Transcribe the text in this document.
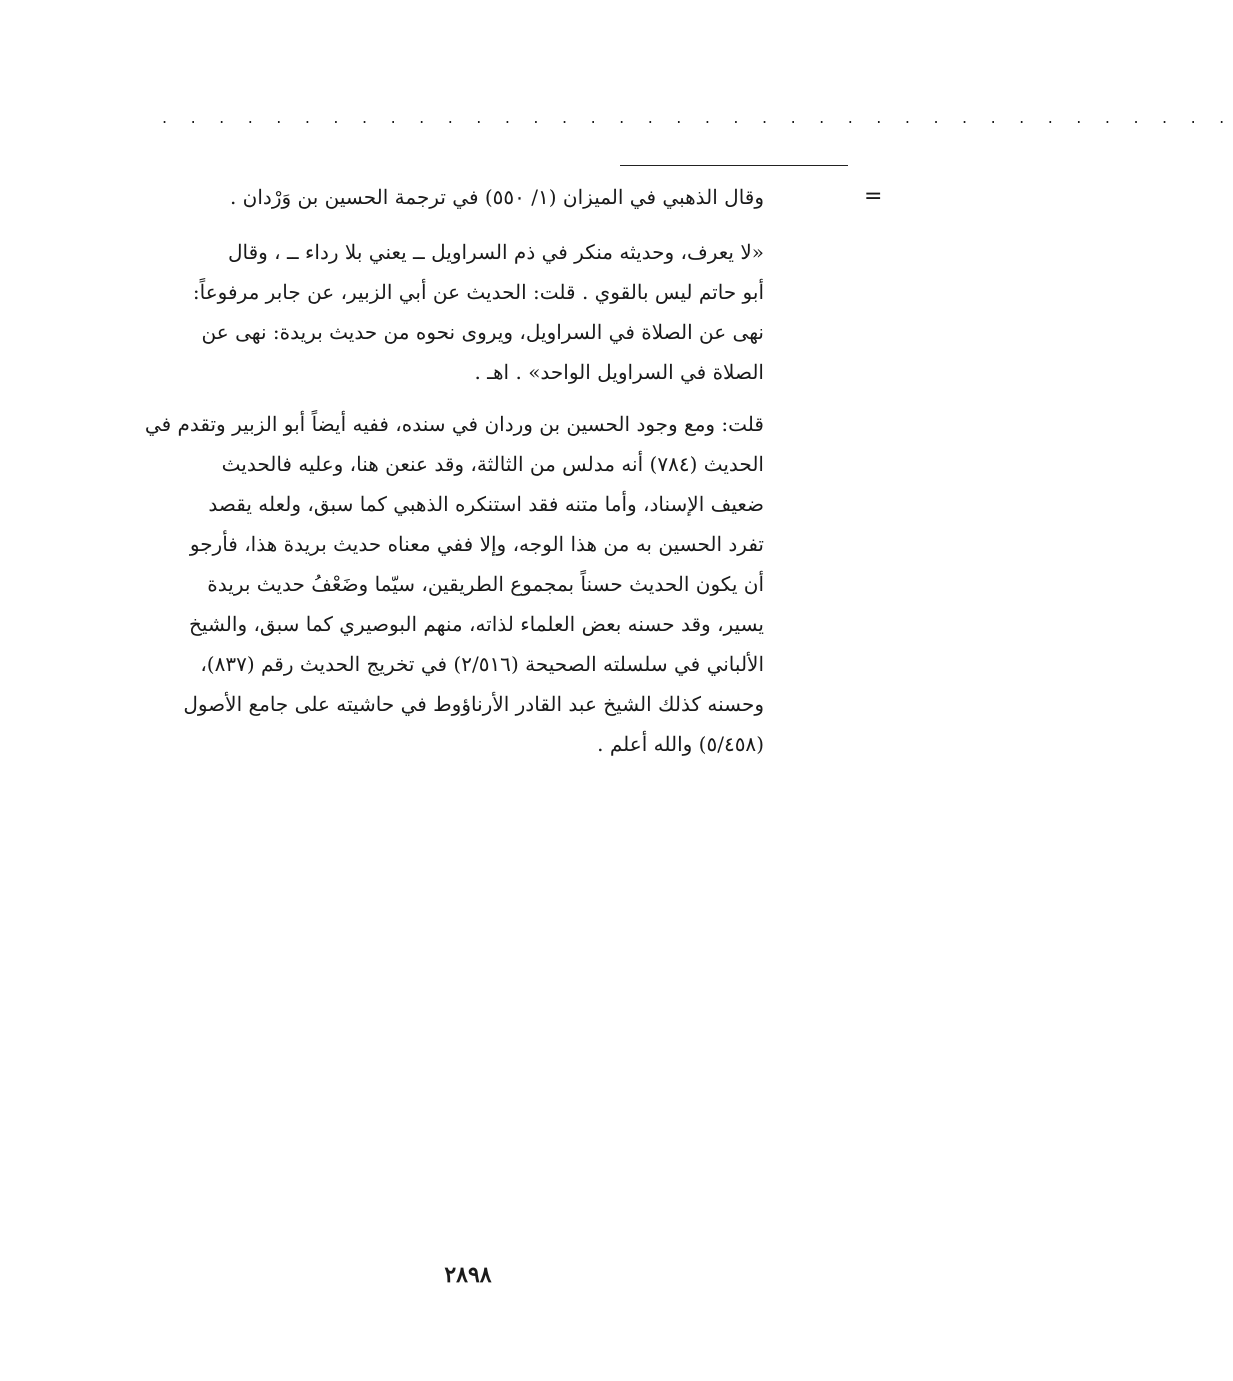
. . . . . . . . . . . . . . . . . . . . . . . . . . . . . . . . . . . . . .
=
وقال الذهبي في الميزان (١/ ٥٥٠) في ترجمة الحسين بن وَرْدان .
«لا يعرف، وحديثه منكر في ذم السراويل ــ يعني بلا رداء ــ ، وقال
أبو حاتم ليس بالقوي . قلت: الحديث عن أبي الزبير، عن جابر مرفوعاً:
نهى عن الصلاة في السراويل، ويروى نحوه من حديث بريدة: نهى عن
الصلاة في السراويل الواحد» . اهـ .
قلت: ومع وجود الحسين بن وردان في سنده، ففيه أيضاً أبو الزبير وتقدم في
الحديث (٧٨٤) أنه مدلس من الثالثة، وقد عنعن هنا، وعليه فالحديث
ضعيف الإسناد، وأما متنه فقد استنكره الذهبي كما سبق، ولعله يقصد
تفرد الحسين به من هذا الوجه، وإلا ففي معناه حديث بريدة هذا، فأرجو
أن يكون الحديث حسناً بمجموع الطريقين، سيّما وضَعْفُ حديث بريدة
يسير، وقد حسنه بعض العلماء لذاته، منهم البوصيري كما سبق، والشيخ
الألباني في سلسلته الصحيحة (٢/٥١٦) في تخريج الحديث رقم (٨٣٧)،
وحسنه كذلك الشيخ عبد القادر الأرناؤوط في حاشيته على جامع الأصول
(٥/٤٥٨) والله أعلم .
٢٨٩٨
